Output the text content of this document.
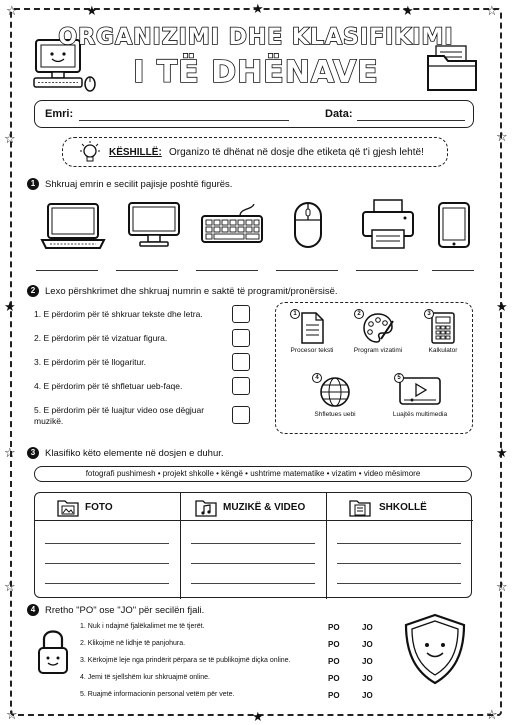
☆	☆
★	★	★
☆
★
☆
☆
☆
★
★
☆
☆	☆
★
ORGANIZIMI DHE KLASIFIKIMI
I TË DHËNAVE
Emri:	Data:
KËSHILLË: Organizo të dhënat në dosje dhe etiketa që t'i gjesh lehtë!
1	Shkruaj emrin e secilit pajisje poshtë figurës.
2	Lexo përshkrimet dhe shkruaj numrin e saktë të programit/pronërsisë.
1. E përdorim për të shkruar tekste dhe letra.
2. E përdorim për të vizatuar figura.
3. E përdorim për të llogaritur.
4. E përdorim për të shfletuar ueb-faqe.
5. E përdorim për të luajtur video ose dëgjuar muzikë.
1
Procesor teksti
2
Program vizatimi
3
Kalkulator
4
Shfletues uebi
5
Luajtës multimedia
3	Klasifiko këto elemente në dosjen e duhur.
fotografi pushimesh • projekt shkolle • këngë • ushtrime matematike • vizatim • video mësimore
FOTO	MUZIKË & VIDEO	SHKOLLË
4	Rretho "PO" ose "JO" për secilën fjali.
1. Nuk i ndajmë fjalëkalimet me të tjerët.
2. Klikojmë në lidhje të panjohura.
3. Kërkojmë leje nga prindërit përpara se të publikojmë diçka online.
4. Jemi të sjellshëm kur shkruajmë online.
5. Ruajmë informacionin personal vetëm për vete.
PO	JO
PO	JO
PO	JO
PO	JO
PO	JO
